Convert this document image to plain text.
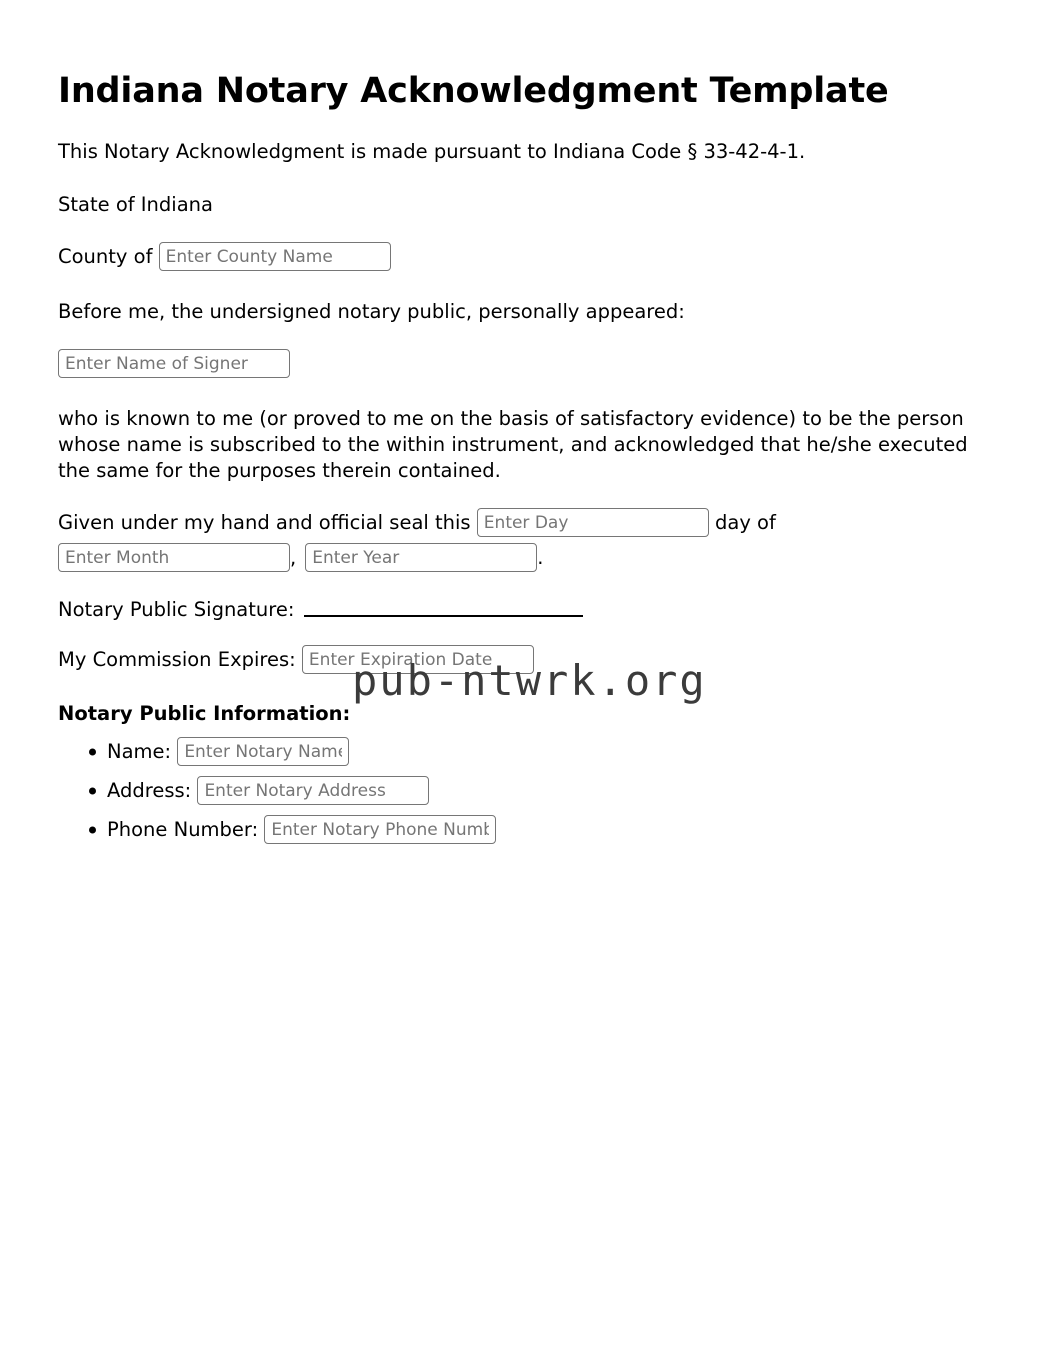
Indiana Notary Acknowledgment Template

This Notary Acknowledgment is made pursuant to Indiana Code § 33-42-4-1.

State of Indiana

County of
Enter County Name

Before me, the undersigned notary public, personally appeared:

Enter Name of Signer

who is known to me (or proved to me on the basis of satisfactory evidence) to be the person whose name is subscribed to the within instrument, and acknowledged that he/she executed the same for the purposes therein contained.

Given under my hand and official seal this
Enter Day	day of
Enter Month
,
Enter Year	.
Notary Public Signature:
My Commission Expires:
Enter Expiration Date
Notary Public Information:
Name:
Enter Notary Name
Address:
Enter Notary Address
Phone Number:
Enter Notary Phone Number
pub-ntwrk.org
